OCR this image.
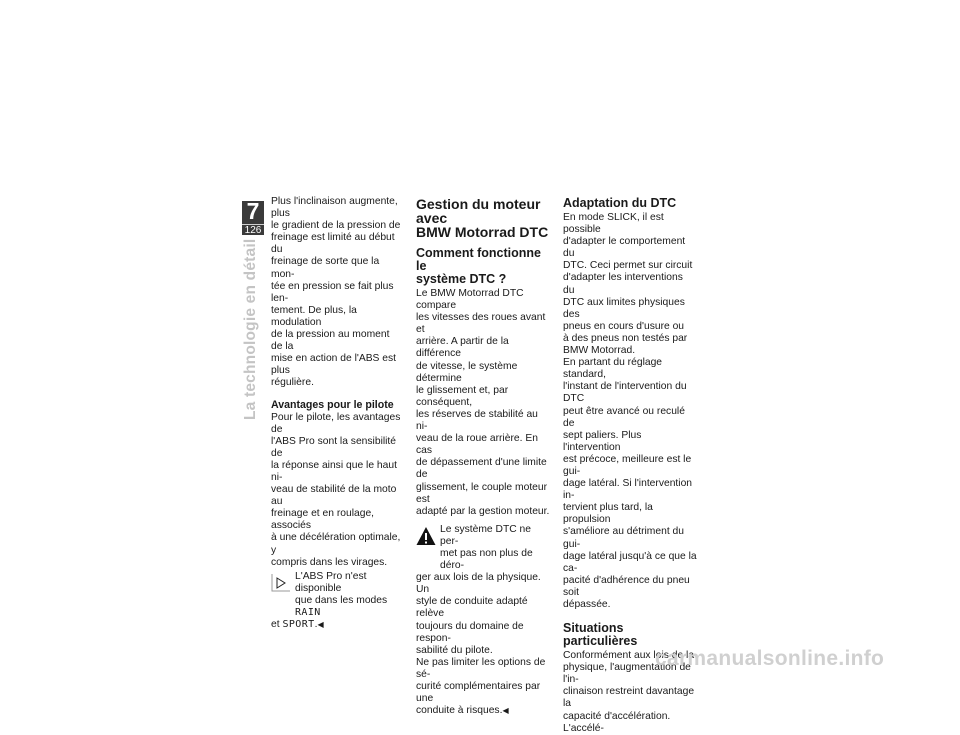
7
126
La technologie en détail

Plus l'inclinaison augmente, plus
le gradient de la pression de
freinage est limité au début du
freinage de sorte que la mon-
tée en pression se fait plus len-
tement. De plus, la modulation
de la pression au moment de la
mise en action de l'ABS est plus
régulière.

Avantages pour le pilote

Pour le pilote, les avantages de
l'ABS Pro sont la sensibilité de
la réponse ainsi que le haut ni-
veau de stabilité de la moto au
freinage et en roulage, associés
à une décélération optimale, y
compris dans les virages.

L'ABS Pro n'est disponible
que dans les modes RAIN
et SPORT.◀
Gestion du moteur avec
BMW Motorrad DTC
Comment fonctionne le
système DTC ?

Le BMW Motorrad DTC compare
les vitesses des roues avant et
arrière. A partir de la différence
de vitesse, le système détermine
le glissement et, par conséquent,
les réserves de stabilité au ni-
veau de la roue arrière. En cas
de dépassement d'une limite de
glissement, le couple moteur est
adapté par la gestion moteur.

Le système DTC ne per-
met pas non plus de déro-
ger aux lois de la physique. Un
style de conduite adapté relève
toujours du domaine de respon-
sabilité du pilote.
Ne pas limiter les options de sé-
curité complémentaires par une
conduite à risques.◀
Adaptation du DTC

En mode SLICK, il est possible
d'adapter le comportement du
DTC. Ceci permet sur circuit
d'adapter les interventions du
DTC aux limites physiques des
pneus en cours d'usure ou
à des pneus non testés par
BMW Motorrad.

En partant du réglage standard,
l'instant de l'intervention du DTC
peut être avancé ou reculé de
sept paliers. Plus l'intervention
est précoce, meilleure est le gui-
dage latéral. Si l'intervention in-
tervient plus tard, la propulsion
s'améliore au détriment du gui-
dage latéral jusqu'à ce que la ca-
pacité d'adhérence du pneu soit
dépassée.

Situations particulières

Conformément aux lois de la
physique, l'augmentation de l'in-
clinaison restreint davantage la
capacité d'accélération. L'accélé-

carmanualsonline.info
